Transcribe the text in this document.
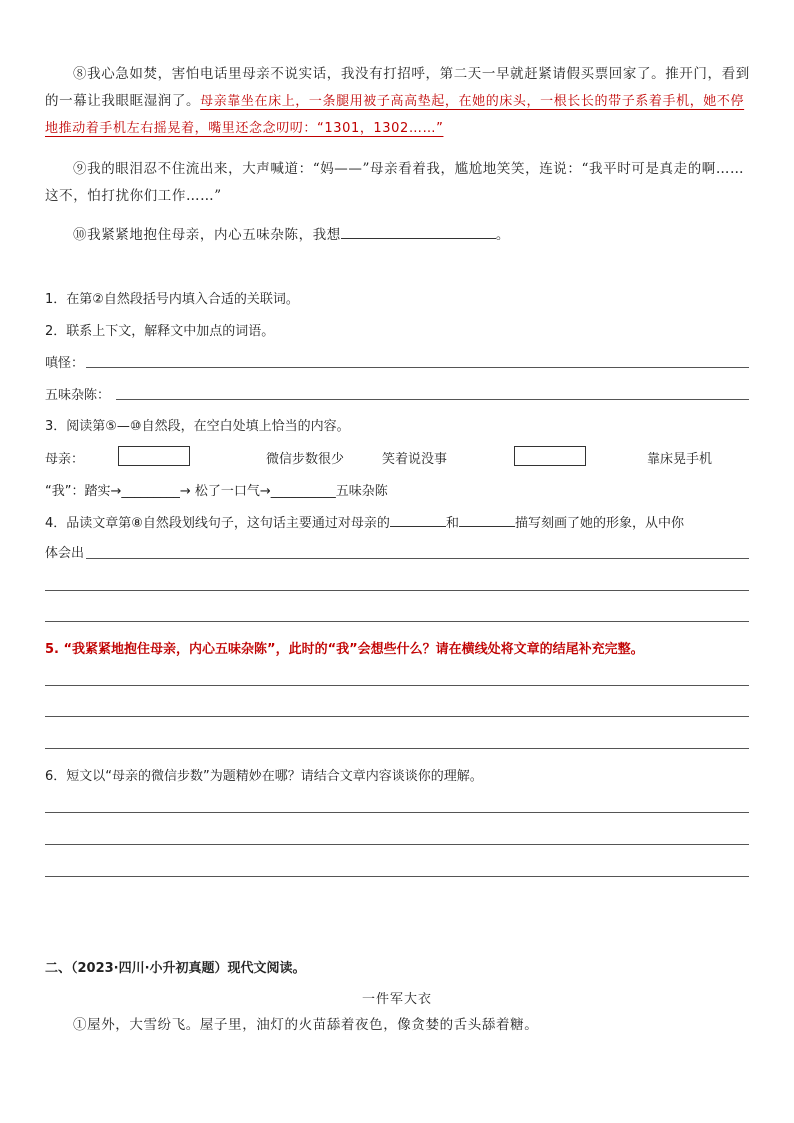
⑧我心急如焚，害怕电话里母亲不说实话，我没有打招呼，第二天一早就赶紧请假买票回家了。推开门，看到的一幕让我眼眶湿润了。母亲靠坐在床上，一条腿用被子高高垫起，在她的床头，一根长长的带子系着手机，她不停地推动着手机左右摇晃着，嘴里还念念叨叨：“1301，1302……”
⑨我的眼泪忍不住流出来，大声喊道：“妈——”母亲看着我，尴尬地笑笑，连说：“我平时可是真走的啊……这不，怕打扰你们工作……”
⑩我紧紧地抱住母亲，内心五味杂陈，我想	。
1．在第②自然段括号内填入合适的关联词。
2．联系上下文，解释文中加点的词语。
嗔怪：
五味杂陈：
3．阅读第⑤—⑩自然段，在空白处填上恰当的内容。
母亲：	微信步数很少	笑着说没事	靠床晃手机
“我”：踏实→_________→ 松了一口气→__________五味杂陈
4．品读文章第⑧自然段划线句子，这句话主要通过对母亲的	和	描写刻画了她的形象，从中你
体会出
5. “我紧紧地抱住母亲，内心五味杂陈”，此时的“我”会想些什么？请在横线处将文章的结尾补充完整。
6．短文以“母亲的微信步数”为题精妙在哪？请结合文章内容谈谈你的理解。
二、（2023·四川·小升初真题）现代文阅读。
一件军大衣
①屋外，大雪纷飞。屋子里，油灯的火苗舔着夜色，像贪婪的舌头舔着糖。
